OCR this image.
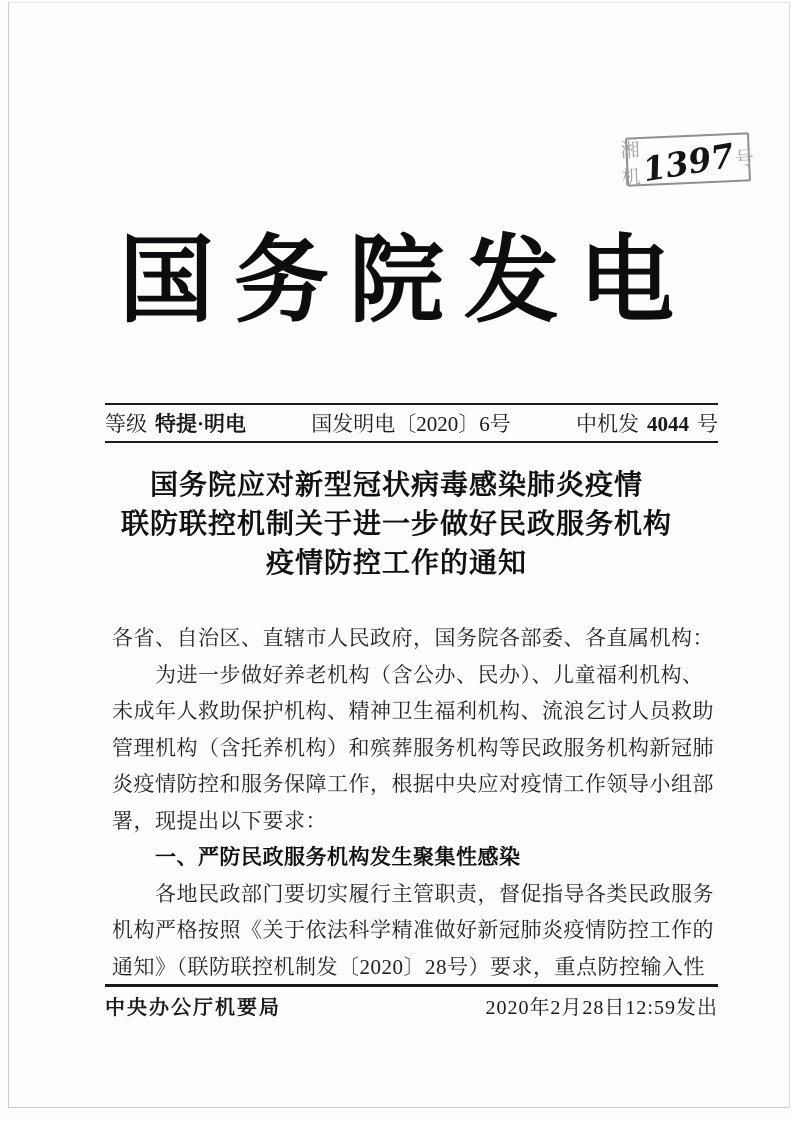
湘机
1397
号
国务院发电
等级 特提·明电	国发明电〔2020〕6号	中机发 4044 号
国务院应对新型冠状病毒感染肺炎疫情
联防联控机制关于进一步做好民政服务机构
疫情防控工作的通知
各省、自治区、直辖市人民政府，国务院各部委、各直属机构：
为进一步做好养老机构（含公办、民办）、儿童福利机构、
未成年人救助保护机构、精神卫生福利机构、流浪乞讨人员救助
管理机构（含托养机构）和殡葬服务机构等民政服务机构新冠肺
炎疫情防控和服务保障工作，根据中央应对疫情工作领导小组部
署，现提出以下要求：
一、严防民政服务机构发生聚集性感染
各地民政部门要切实履行主管职责，督促指导各类民政服务
机构严格按照《关于依法科学精准做好新冠肺炎疫情防控工作的
通知》（联防联控机制发〔2020〕28号）要求，重点防控输入性
中央办公厅机要局	2020年2月28日12:59发出
